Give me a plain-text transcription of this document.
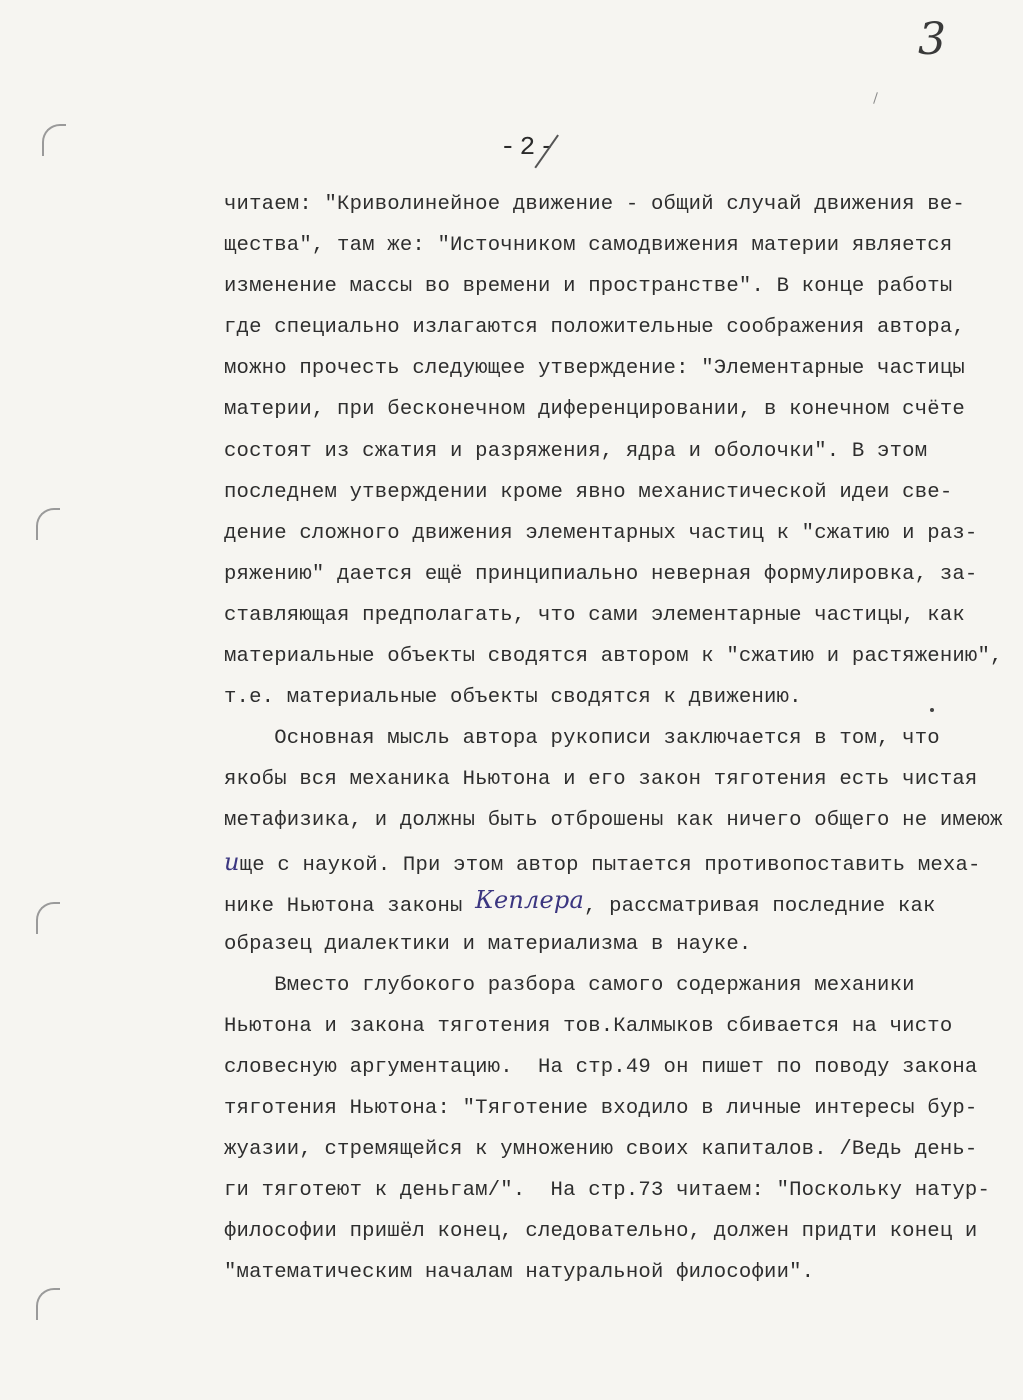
3
-2-
читаем: "Криволинейное движение - общий случай движения ве-
щества", там же: "Источником самодвижения материи является
изменение массы во времени и пространстве". В конце работы
где специально излагаются положительные соображения автора,
можно прочесть следующее утверждение: "Элементарные частицы
материи, при бесконечном диференцировании, в конечном счёте
состоят из сжатия и разряжения, ядра и оболочки". В этом
последнем утверждении кроме явно механистической идеи све-
дение сложного движения элементарных частиц к "сжатию и раз-
ряжению" дается ещё принципиально неверная формулировка, за-
ставляющая предполагать, что сами элементарные частицы, как
материальные объекты сводятся автором к "сжатию и растяжению",
т.е. материальные объекты сводятся к движению.
Основная мысль автора рукописи заключается в том, что
якобы вся механика Ньютона и его закон тяготения есть чистая
метафизика, и должны быть отброшены как ничего общего не имеюж
ище с наукой. При этом автор пытается противопоставить меха-
нике Ньютона законы Кеплера, рассматривая последние как
образец диалектики и материализма в науке.
Вместо глубокого разбора самого содержания механики
Ньютона и закона тяготения тов.Калмыков сбивается на чисто
словесную аргументацию.  На стр.49 он пишет по поводу закона
тяготения Ньютона: "Тяготение входило в личные интересы бур-
жуазии, стремящейся к умножению своих капиталов. /Ведь день-
ги тяготеют к деньгам/".  На стр.73 читаем: "Поскольку натур-
философии пришёл конец, следовательно, должен придти конец и
"математическим началам натуральной философии".
